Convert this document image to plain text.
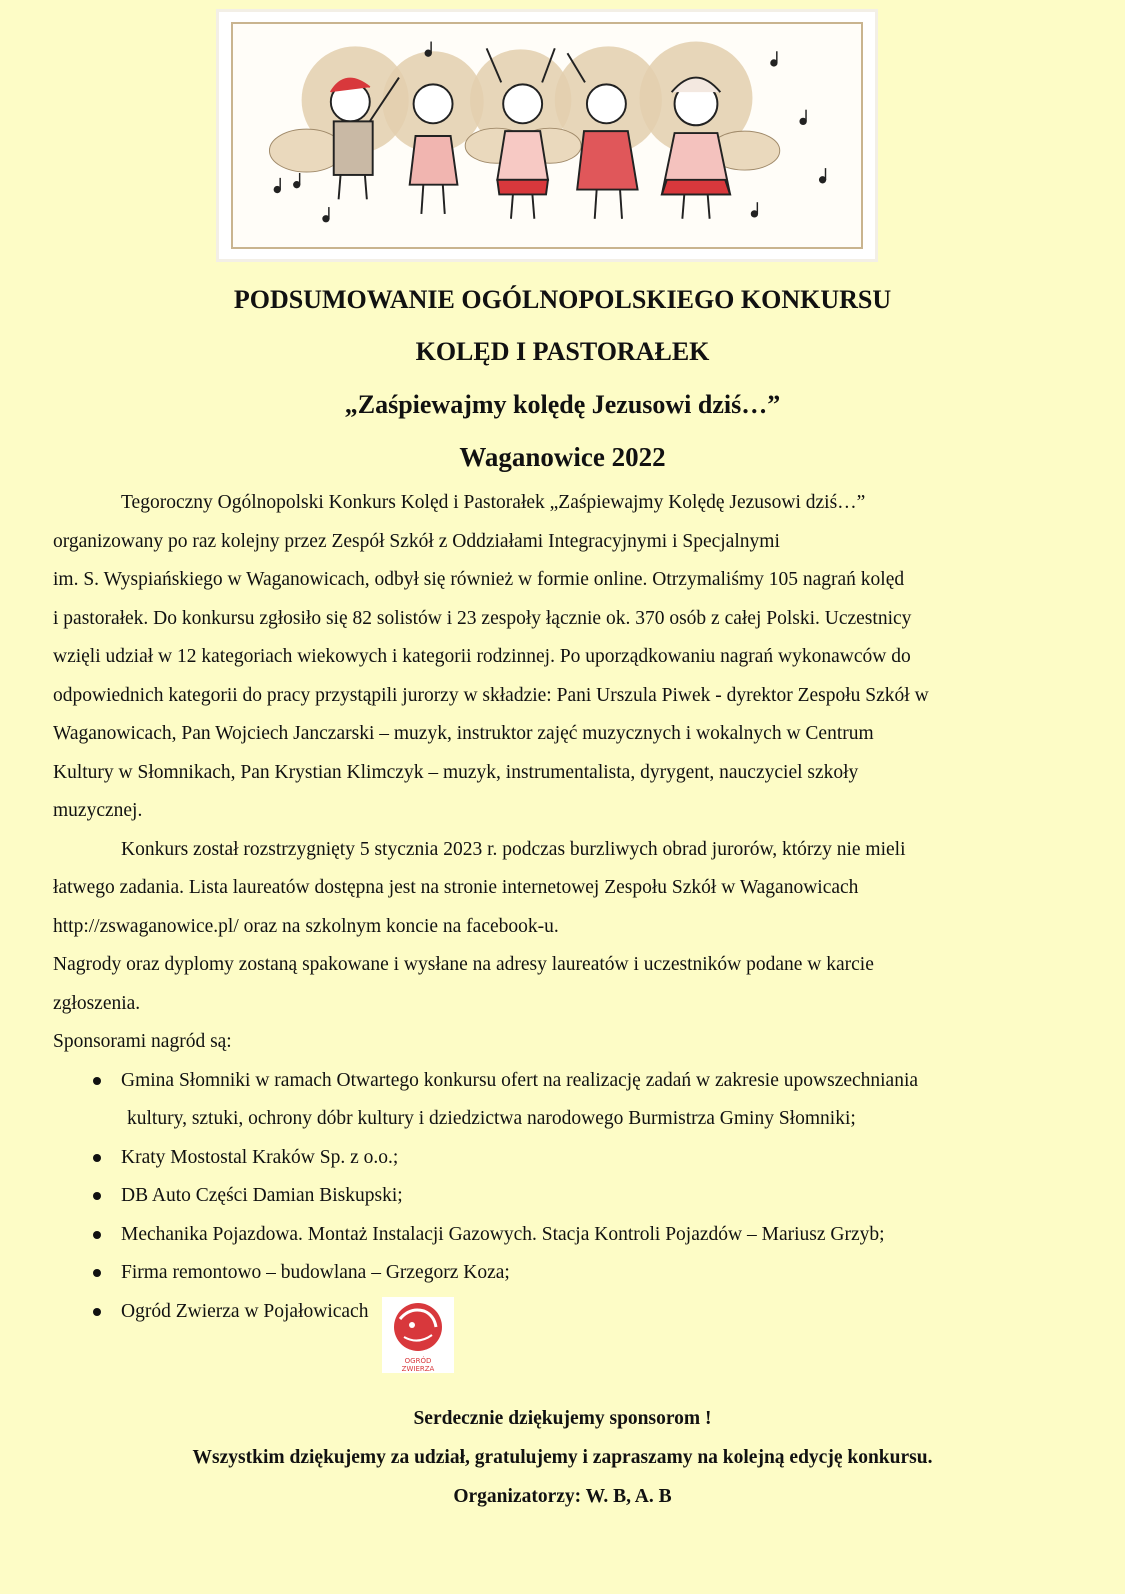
PODSUMOWANIE OGÓLNOPOLSKIEGO KONKURSU
KOLĘD I PASTORAŁEK
„Zaśpiewajmy kolędę Jezusowi dziś…”
Waganowice 2022

Tegoroczny Ogólnopolski Konkurs Kolęd i Pastorałek „Zaśpiewajmy Kolędę Jezusowi dziś…”
organizowany po raz kolejny przez Zespół Szkół z Oddziałami Integracyjnymi i Specjalnymi
im. S. Wyspiańskiego w Waganowicach, odbył się również w formie online. Otrzymaliśmy 105 nagrań kolęd
i pastorałek. Do konkursu zgłosiło się 82 solistów i 23 zespoły łącznie ok. 370 osób z całej Polski. Uczestnicy
wzięli udział w 12 kategoriach wiekowych i kategorii rodzinnej. Po uporządkowaniu nagrań wykonawców do
odpowiednich kategorii do pracy przystąpili jurorzy w składzie: Pani Urszula Piwek - dyrektor Zespołu Szkół w
Waganowicach, Pan Wojciech Janczarski – muzyk, instruktor zajęć muzycznych i wokalnych w Centrum
Kultury w Słomnikach, Pan Krystian Klimczyk – muzyk, instrumentalista, dyrygent, nauczyciel szkoły
muzycznej.

Konkurs został rozstrzygnięty 5 stycznia 2023 r. podczas burzliwych obrad jurorów, którzy nie mieli
łatwego zadania. Lista laureatów dostępna jest na stronie internetowej Zespołu Szkół w Waganowicach
http://zswaganowice.pl/ oraz na szkolnym koncie na facebook-u.

Nagrody oraz dyplomy zostaną spakowane i wysłane na adresy laureatów i uczestników podane w karcie
zgłoszenia.

Sponsorami nagród są:

Gmina Słomniki w ramach Otwartego konkursu ofert na realizację zadań w zakresie upowszechniania
kultury, sztuki, ochrony dóbr kultury i dziedzictwa narodowego Burmistrza Gminy Słomniki;
Kraty Mostostal Kraków Sp. z o.o.;
DB Auto Części Damian Biskupski;
Mechanika Pojazdowa. Montaż Instalacji Gazowych. Stacja Kontroli Pojazdów – Mariusz Grzyb;
Firma remontowo – budowlana – Grzegorz Koza;
Ogród Zwierza w Pojałowicach
OGRÓD
ZWIERZA
Serdecznie dziękujemy sponsorom !
Wszystkim dziękujemy za udział, gratulujemy i zapraszamy na kolejną edycję konkursu.
Organizatorzy: W. B, A. B
